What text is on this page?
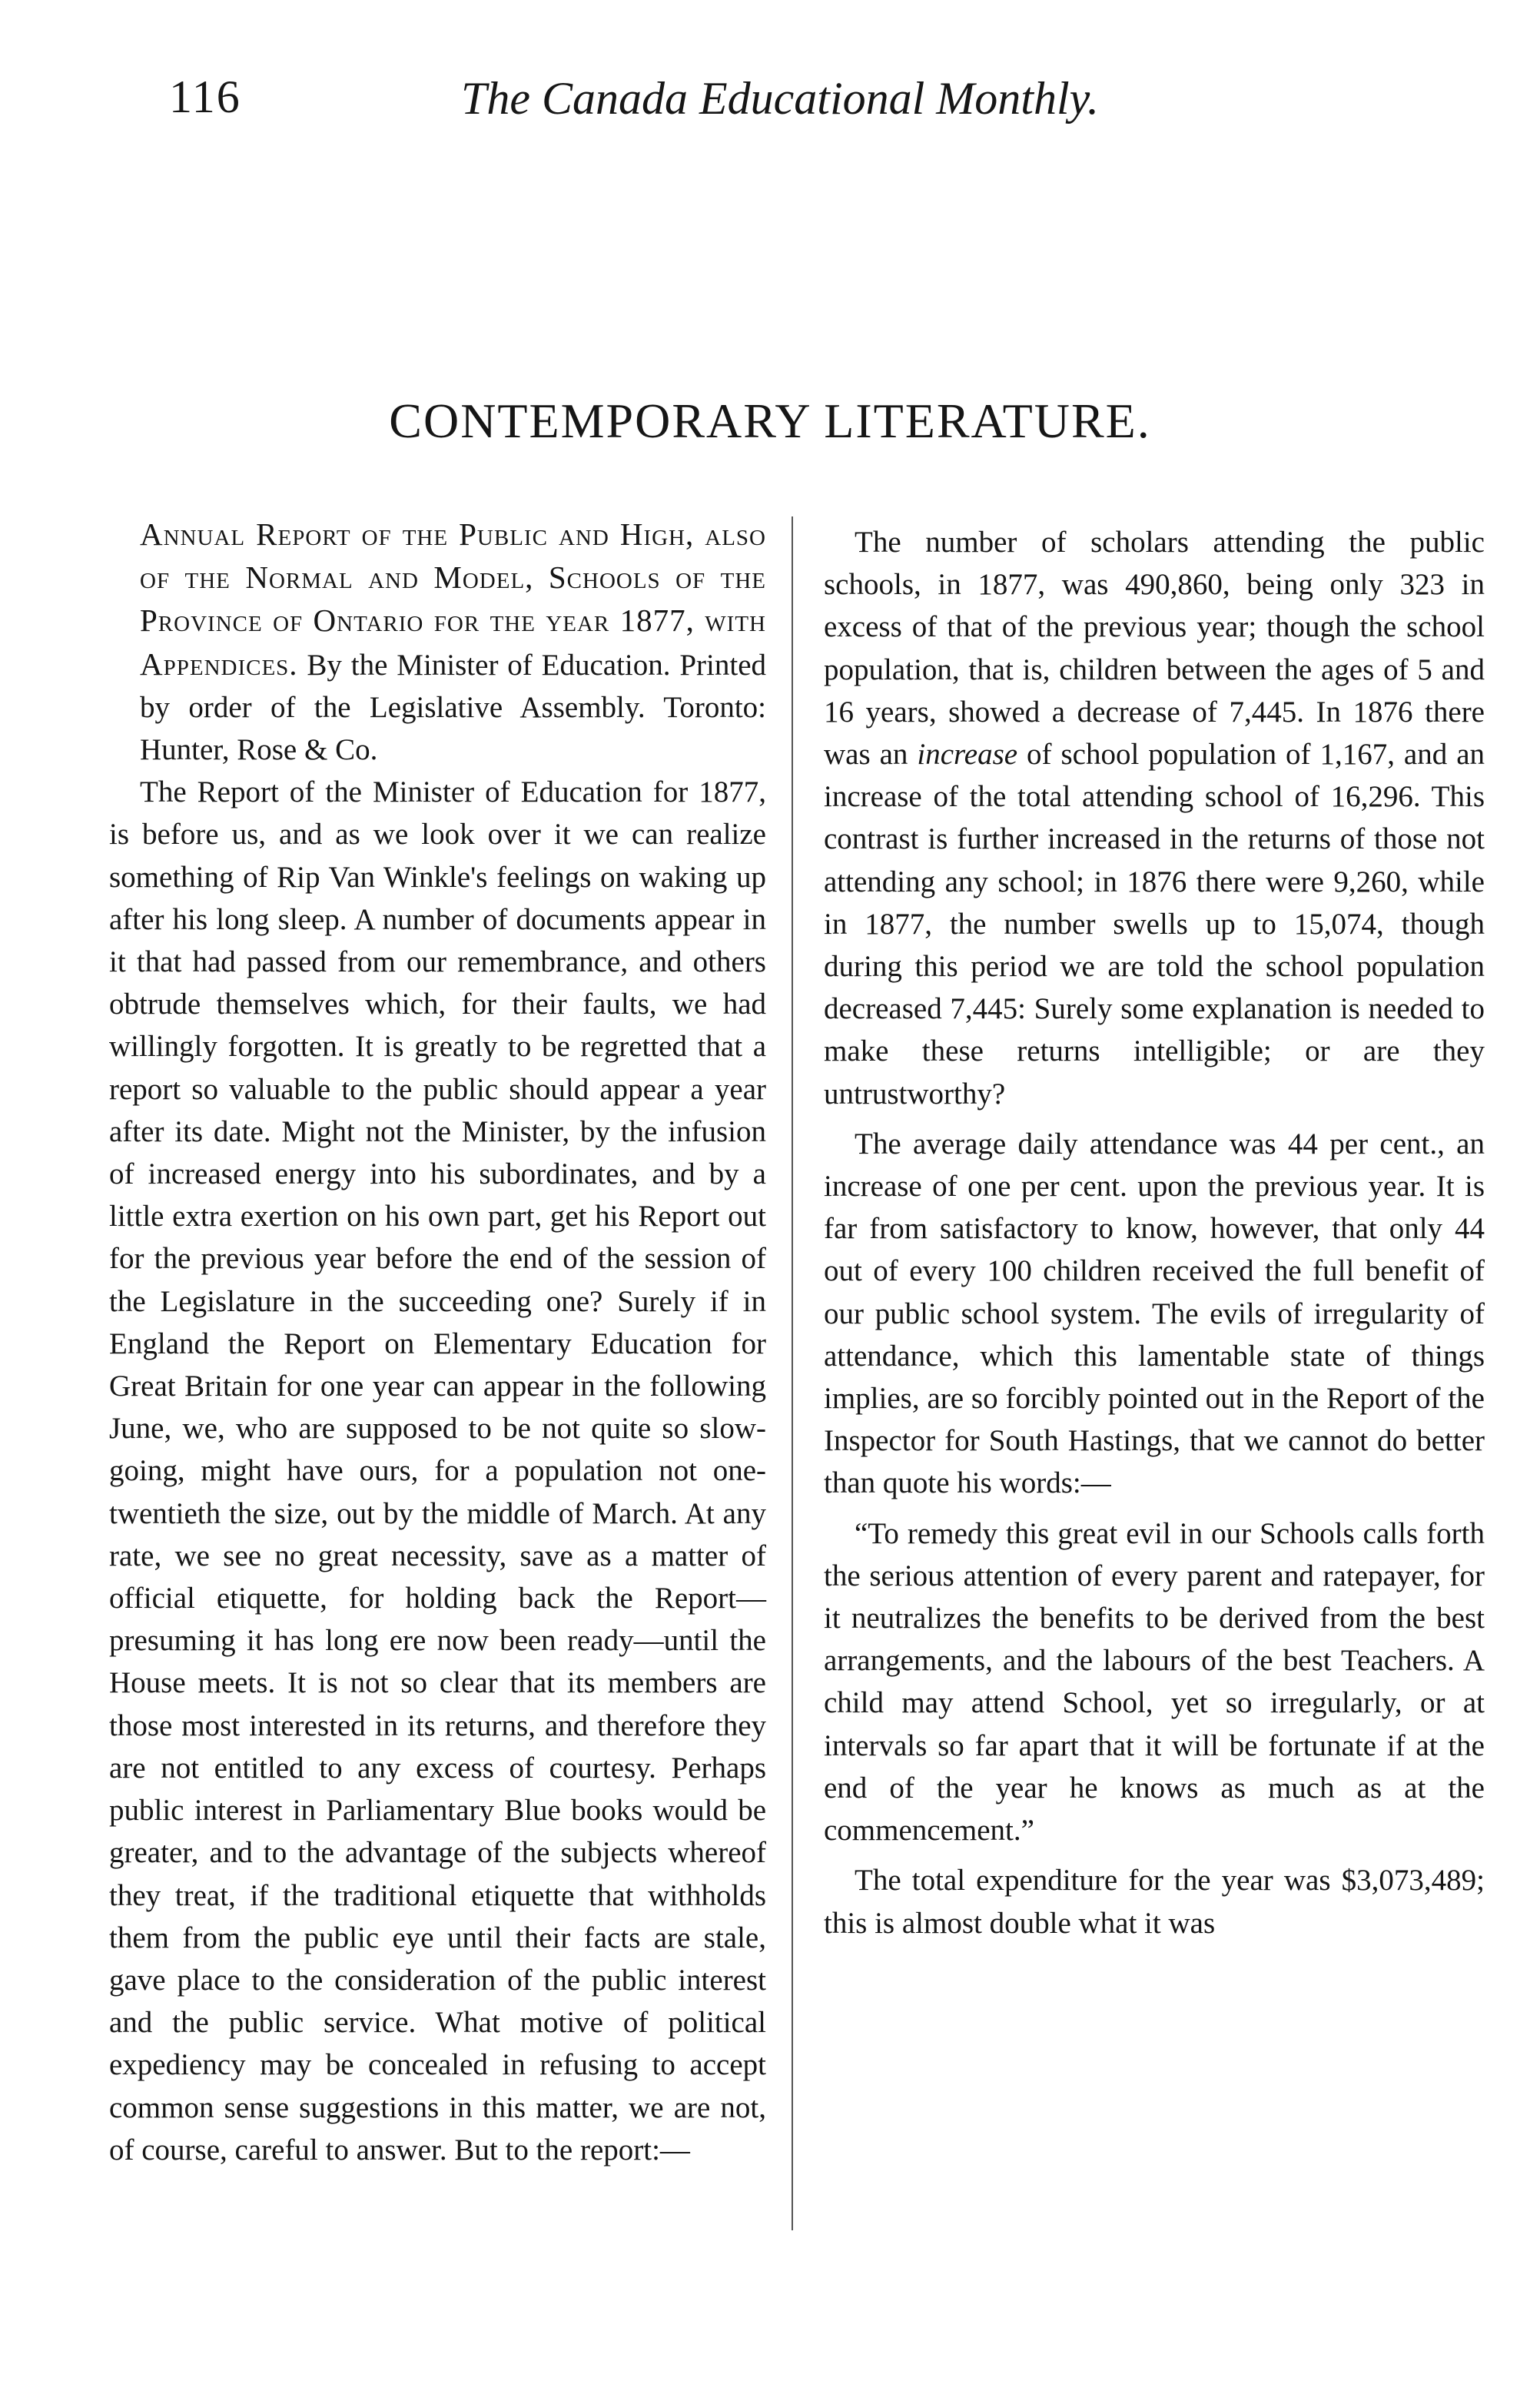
116	The Canada Educational Monthly.
CONTEMPORARY LITERATURE.

Annual Report of the Public and High, also of the Normal and Model, Schools of the Province of Ontario for the year 1877, with Appendices. By the Minister of Education. Printed by order of the Legislative Assembly. Toronto: Hunter, Rose & Co.

The Report of the Minister of Education for 1877, is before us, and as we look over it we can realize something of Rip Van Winkle's feelings on waking up after his long sleep. A number of documents appear in it that had passed from our remembrance, and others obtrude themselves which, for their faults, we had willingly forgotten. It is greatly to be regretted that a report so valuable to the public should appear a year after its date. Might not the Minister, by the infusion of increased energy into his subordinates, and by a little extra exertion on his own part, get his Report out for the previous year before the end of the session of the Legislature in the succeeding one? Surely if in England the Report on Elementary Education for Great Britain for one year can appear in the following June, we, who are supposed to be not quite so slow-going, might have ours, for a population not one-twentieth the size, out by the middle of March. At any rate, we see no great necessity, save as a matter of official etiquette, for holding back the Report—presuming it has long ere now been ready—until the House meets. It is not so clear that its members are those most interested in its returns, and therefore they are not entitled to any excess of courtesy. Perhaps public interest in Parliamentary Blue books would be greater, and to the advantage of the subjects whereof they treat, if the traditional etiquette that withholds them from the public eye until their facts are stale, gave place to the consideration of the public interest and the public service. What motive of political expediency may be concealed in refusing to accept common sense suggestions in this matter, we are not, of course, careful to answer. But to the report:—

The number of scholars attending the public schools, in 1877, was 490,860, being only 323 in excess of that of the previous year; though the school population, that is, children between the ages of 5 and 16 years, showed a decrease of 7,445. In 1876 there was an increase of school population of 1,167, and an increase of the total attending school of 16,296. This contrast is further increased in the returns of those not attending any school; in 1876 there were 9,260, while in 1877, the number swells up to 15,074, though during this period we are told the school population decreased 7,445: Surely some explanation is needed to make these returns intelligible; or are they untrustworthy?

The average daily attendance was 44 per cent., an increase of one per cent. upon the previous year. It is far from satisfactory to know, however, that only 44 out of every 100 children received the full benefit of our public school system. The evils of irregularity of attendance, which this lamentable state of things implies, are so forcibly pointed out in the Report of the Inspector for South Hastings, that we cannot do better than quote his words:—

“To remedy this great evil in our Schools calls forth the serious attention of every parent and ratepayer, for it neutralizes the benefits to be derived from the best arrangements, and the labours of the best Teachers. A child may attend School, yet so irregularly, or at intervals so far apart that it will be fortunate if at the end of the year he knows as much as at the commencement.”

The total expenditure for the year was $3,073,489; this is almost double what it was
